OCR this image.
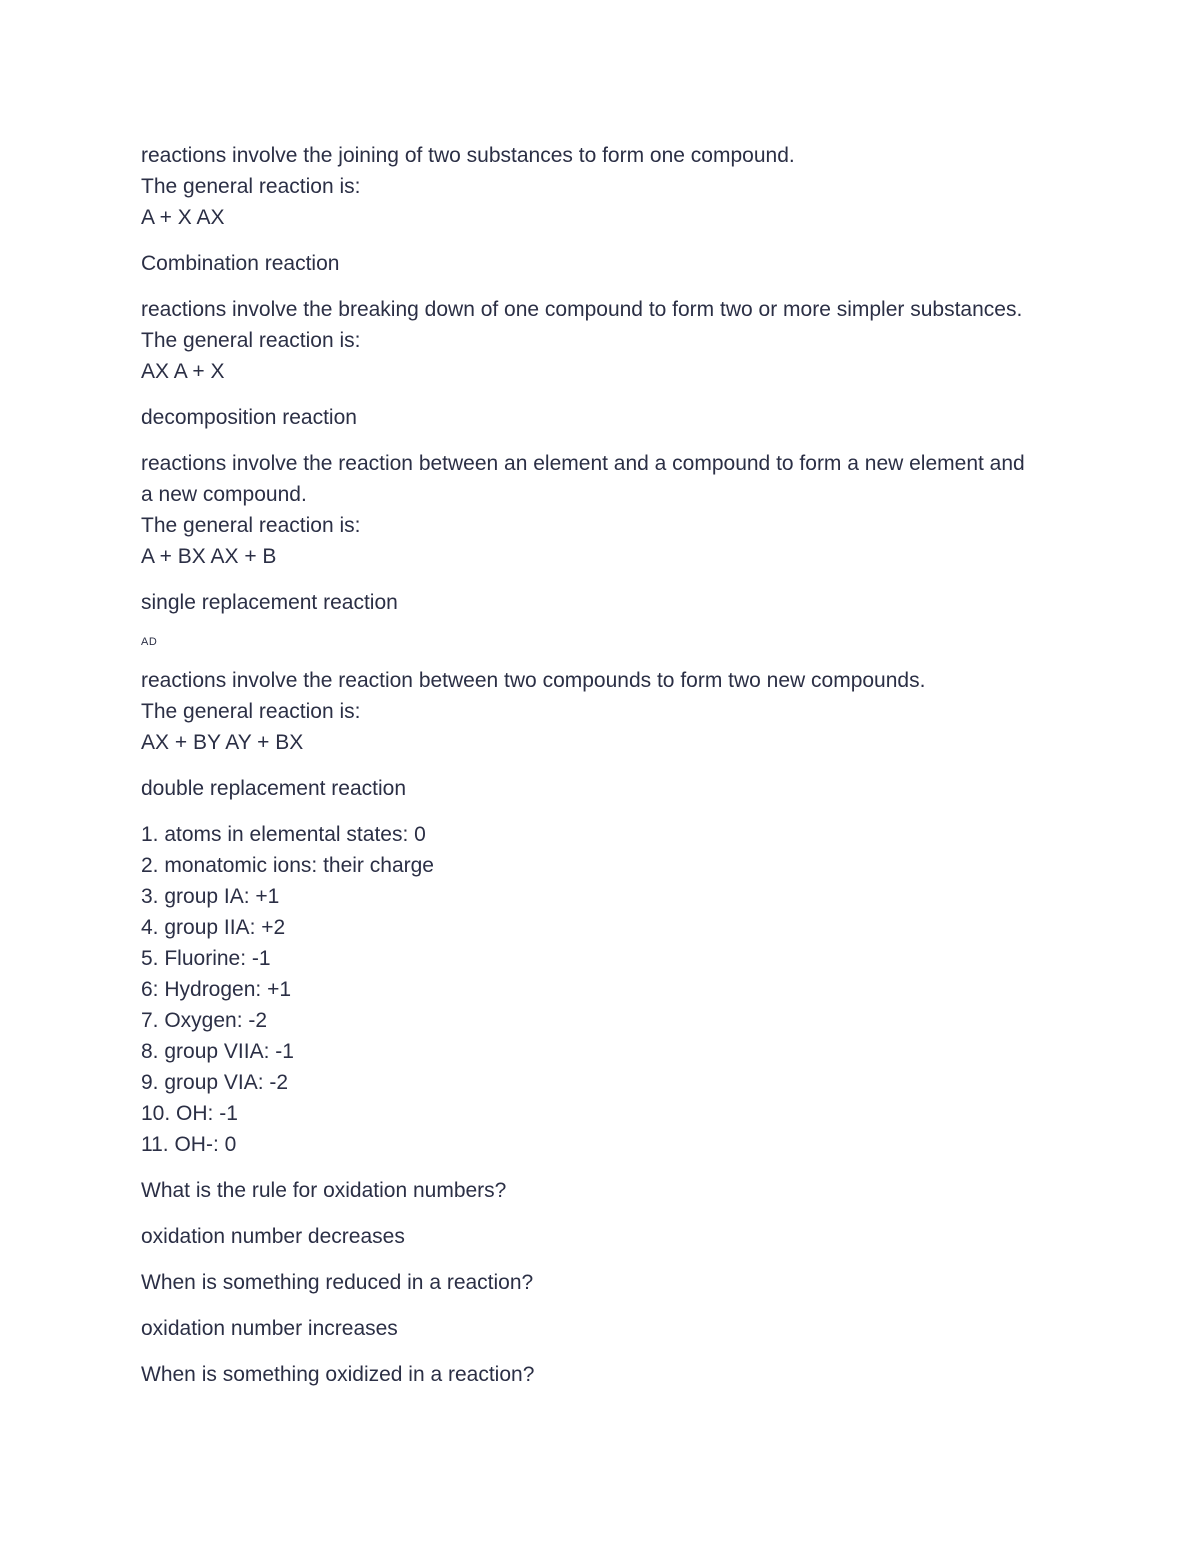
reactions involve the joining of two substances to form one compound.
The general reaction is:
A + X AX
Combination reaction
reactions involve the breaking down of one compound to form two or more simpler substances.
The general reaction is:
AX A + X
decomposition reaction
reactions involve the reaction between an element and a compound to form a new element and
a new compound.
The general reaction is:
A + BX AX + B
single replacement reaction
AD
reactions involve the reaction between two compounds to form two new compounds.
The general reaction is:
AX + BY AY + BX
double replacement reaction
1. atoms in elemental states: 0
2. monatomic ions: their charge
3. group IA: +1
4. group IIA: +2
5. Fluorine: -1
6: Hydrogen: +1
7. Oxygen: -2
8. group VIIA: -1
9. group VIA: -2
10. OH: -1
11. OH-: 0
What is the rule for oxidation numbers?
oxidation number decreases
When is something reduced in a reaction?
oxidation number increases
When is something oxidized in a reaction?
